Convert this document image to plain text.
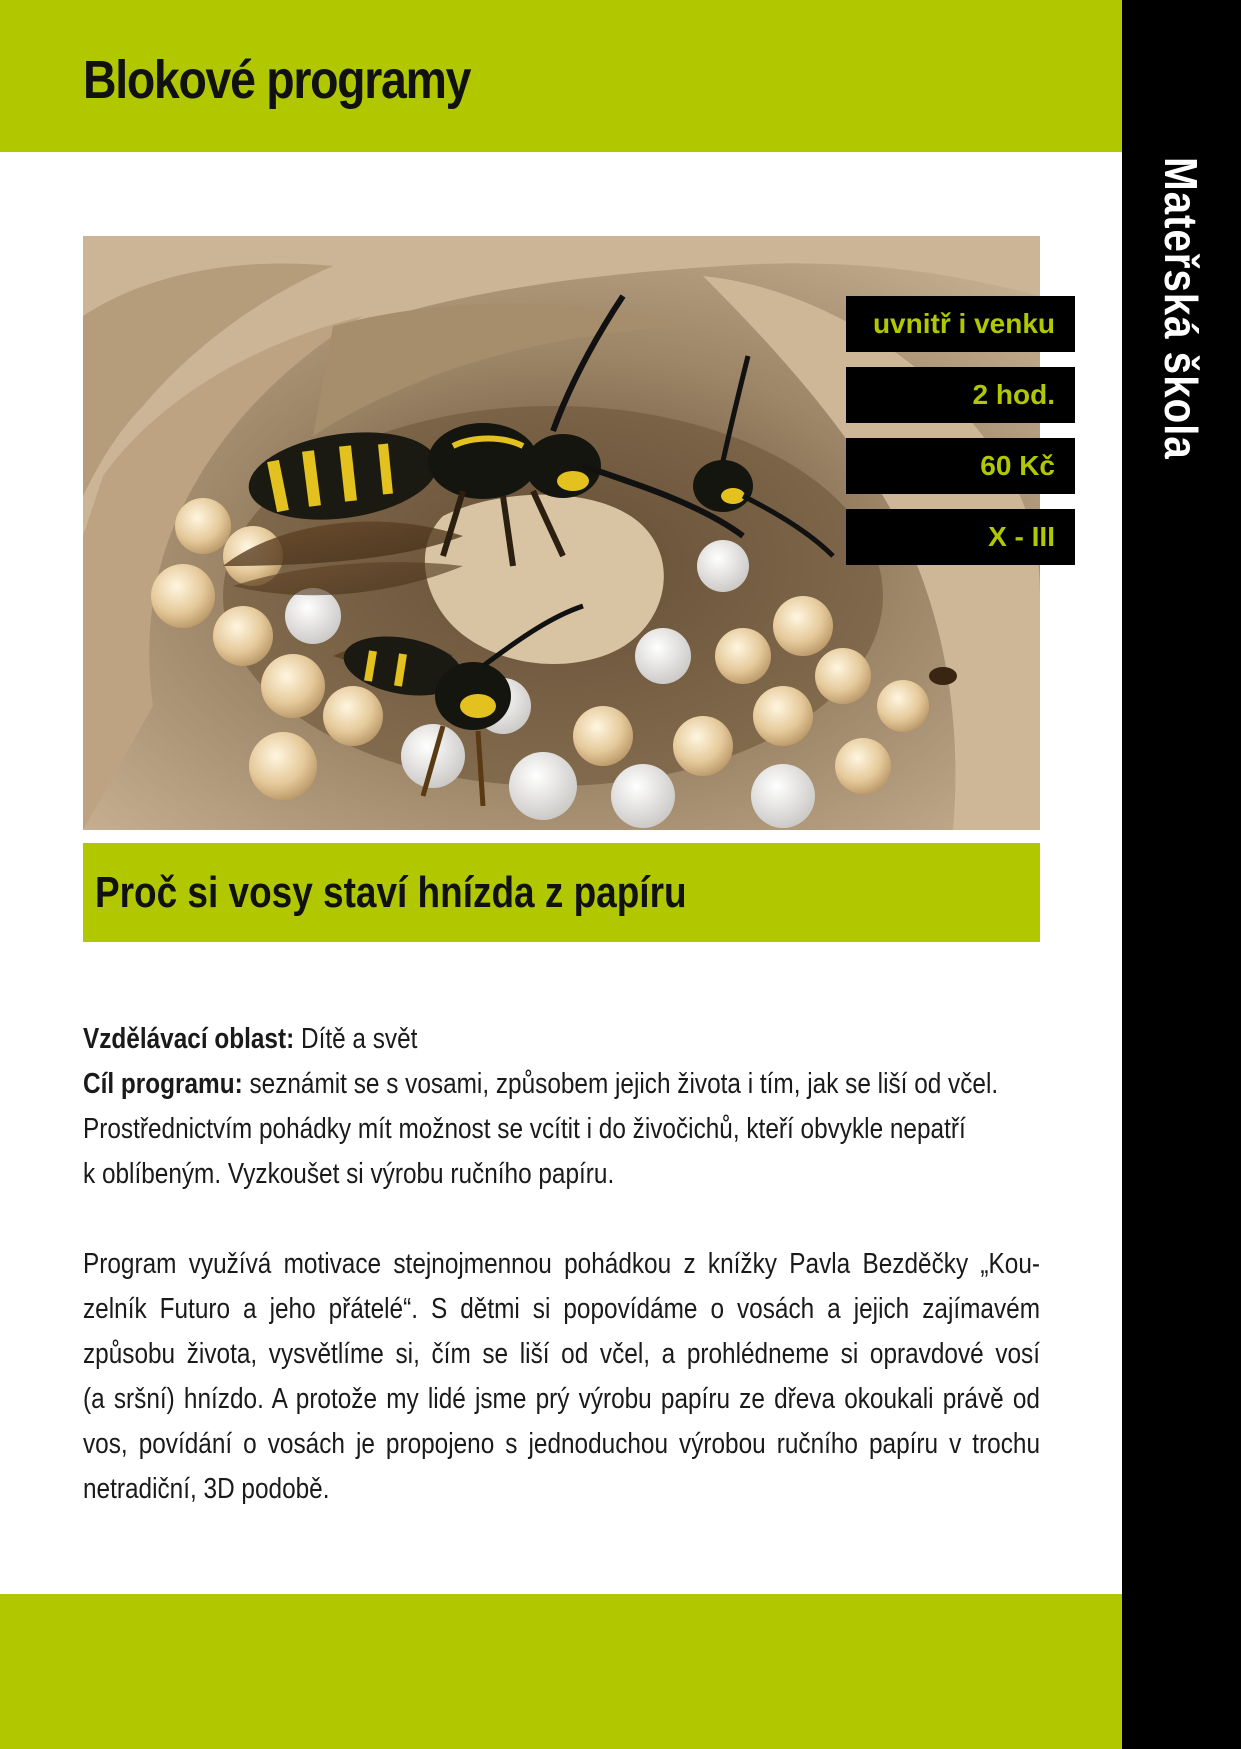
Blokové programy
Mateřská škola
uvnitř i venku
2 hod.
60 Kč
X - III
Proč si vosy staví hnízda z papíru
Vzdělávací oblast: Dítě a svět
Cíl programu: seznámit se s vosami, způsobem jejich života i tím, jak se liší od včel.
Prostřednictvím pohádky mít možnost se vcítit i do živočichů, kteří obvykle nepatří
k oblíbeným. Vyzkoušet si výrobu ručního papíru.
Program využívá motivace stejnojmennou pohádkou z knížky Pavla Bezděčky „Kou-
zelník Futuro a jeho přátelé“. S dětmi si popovídáme o vosách a jejich zajímavém
způsobu života, vysvětlíme si, čím se liší od včel, a prohlédneme si opravdové vosí
(a sršní) hnízdo. A protože my lidé jsme prý výrobu papíru ze dřeva okoukali právě od
vos, povídání o vosách je propojeno s jednoduchou výrobou ručního papíru v trochu
netradiční, 3D podobě.
